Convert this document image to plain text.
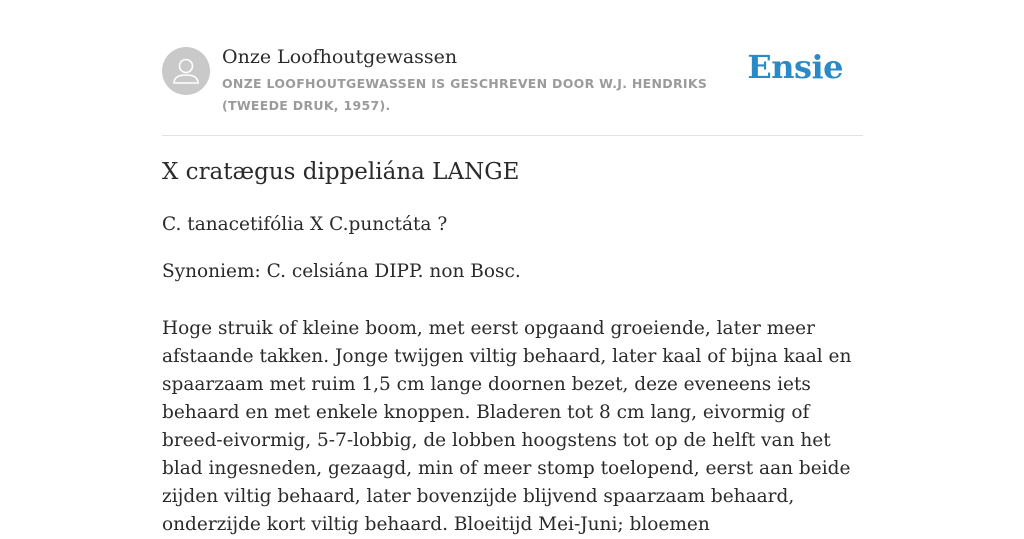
Onze Loofhoutgewassen
ONZE LOOFHOUTGEWASSEN IS GESCHREVEN DOOR W.J. HENDRIKS (TWEEDE DRUK, 1957).
Ensie
X cratægus dippeliána LANGE
C. tanacetifólia X C.punctáta ?
Synoniem: C. celsiána DIPP. non Bosc.

Hoge struik of kleine boom, met eerst opgaand groeiende, later meer afstaande takken. Jonge twijgen viltig behaard, later kaal of bijna kaal en spaarzaam met ruim 1,5 cm lange doornen bezet, deze eveneens iets behaard en met enkele knoppen. Bladeren tot 8 cm lang, eivormig of breed-eivormig, 5-7-lobbig, de lobben hoogstens tot op de helft van het blad ingesneden, gezaagd, min of meer stomp toelopend, eerst aan beide zijden viltig behaard, later bovenzijde blijvend spaarzaam behaard, onderzijde kort viltig behaard. Bloeitijd Mei-Juni; bloemen
